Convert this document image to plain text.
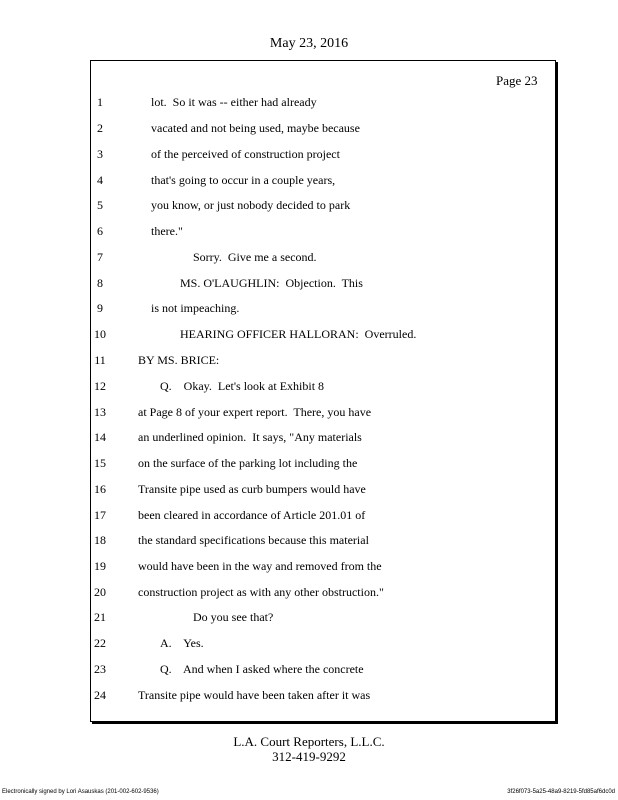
May 23, 2016
Page 23
1	lot.  So it was -- either had already
2	vacated and not being used, maybe because
3	of the perceived of construction project
4	that's going to occur in a couple years,
5	you know, or just nobody decided to park
6	there."
7	Sorry.  Give me a second.
8	MS. O'LAUGHLIN:  Objection.  This
9	is not impeaching.
10	HEARING OFFICER HALLORAN:  Overruled.
11	BY MS. BRICE:
12	Q.    Okay.  Let's look at Exhibit 8
13	at Page 8 of your expert report.  There, you have
14	an underlined opinion.  It says, "Any materials
15	on the surface of the parking lot including the
16	Transite pipe used as curb bumpers would have
17	been cleared in accordance of Article 201.01 of
18	the standard specifications because this material
19	would have been in the way and removed from the
20	construction project as with any other obstruction."
21	Do you see that?
22	A.    Yes.
23	Q.    And when I asked where the concrete
24	Transite pipe would have been taken after it was
L.A. Court Reporters, L.L.C.
312-419-9292
Electronically signed by Lori Asauskas (201-002-602-9536)	3f26f073-5a25-48a9-8219-5fd85af6dc0d
